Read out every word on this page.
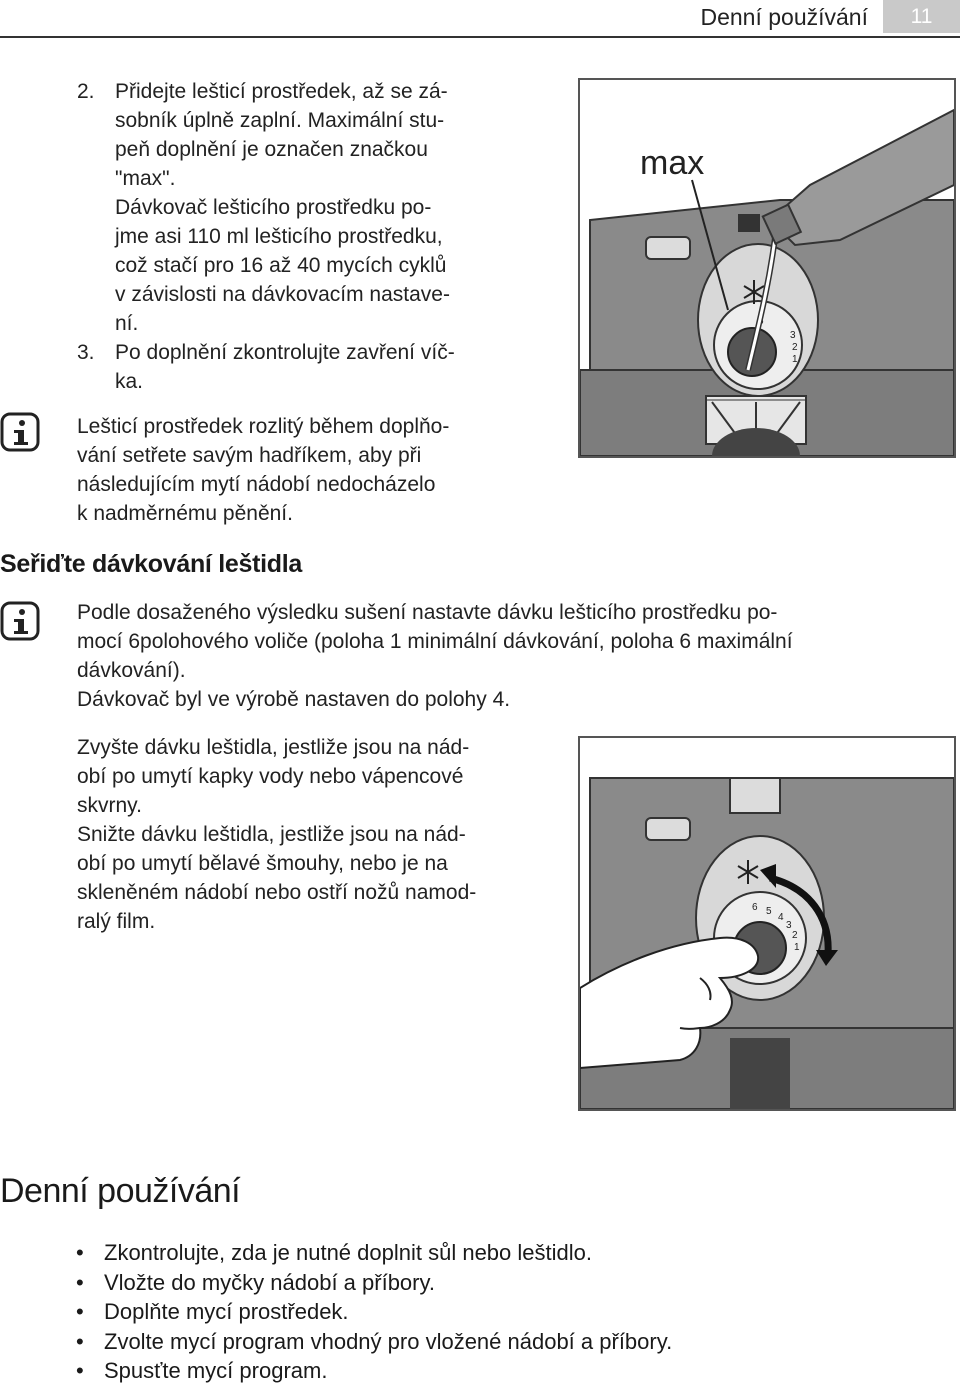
Denní používání	11
2. Přidejte lešticí prostředek, až se zá-
sobník úplně zaplní. Maximální stu-
peň doplnění je označen značkou
"max".
Dávkovač lešticího prostředku po-
jme asi 110 ml lešticího prostředku,
což stačí pro 16 až 40 mycích cyklů
v závislosti na dávkovacím nastave-
ní.
3. Po doplnění zkontrolujte zavření víč-
ka.
Lešticí prostředek rozlitý během doplňo-
vání setřete savým hadříkem, aby při
následujícím mytí nádobí nedocházelo
k nadměrnému pěnění.
6
3
2
1
max
Seřiďte dávkování leštidla
Podle dosaženého výsledku sušení nastavte dávku lešticího prostředku po-
mocí 6polohového voliče (poloha 1 minimální dávkování, poloha 6 maximální
dávkování).
Dávkovač byl ve výrobě nastaven do polohy 4.
Zvyšte dávku leštidla, jestliže jsou na nád-
obí po umytí kapky vody nebo vápencové
skvrny.
Snižte dávku leštidla, jestliže jsou na nád-
obí po umytí bělavé šmouhy, nebo je na
skleněném nádobí nebo ostří nožů namod-
ralý film.
6 5
4
3
2
1
Denní používání
• Zkontrolujte, zda je nutné doplnit sůl nebo leštidlo.
• Vložte do myčky nádobí a příbory.
• Doplňte mycí prostředek.
• Zvolte mycí program vhodný pro vložené nádobí a příbory.
• Spusťte mycí program.
